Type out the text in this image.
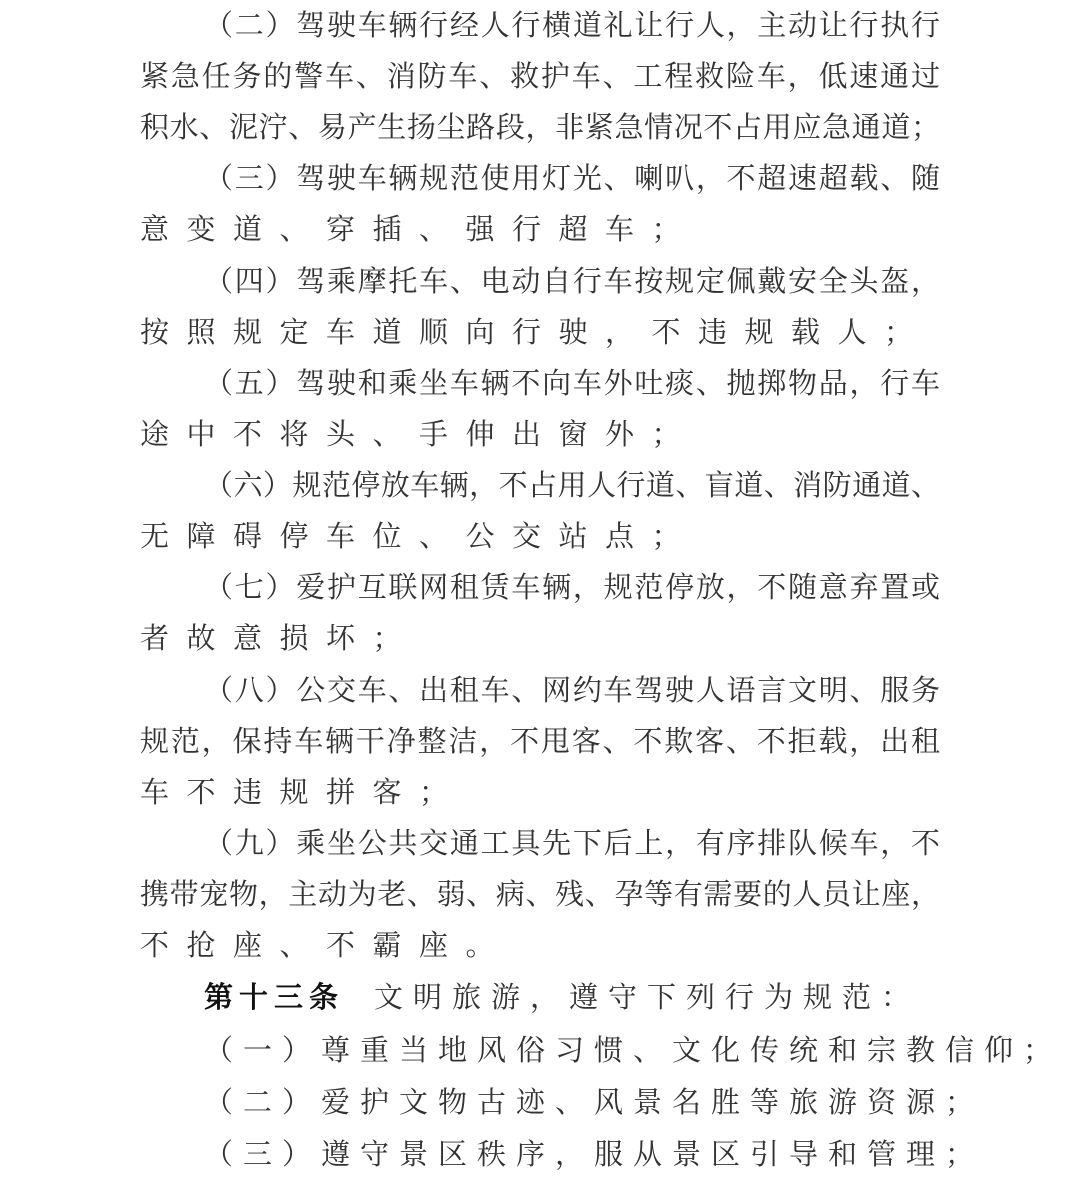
（二）驾驶车辆行经人行横道礼让行人，主动让行执行
紧急任务的警车、消防车、救护车、工程救险车，低速通过
积水、泥泞、易产生扬尘路段，非紧急情况不占用应急通道；
（三）驾驶车辆规范使用灯光、喇叭，不超速超载、随
意变道、穿插、强行超车；
（四）驾乘摩托车、电动自行车按规定佩戴安全头盔，
按照规定车道顺向行驶，不违规载人；
（五）驾驶和乘坐车辆不向车外吐痰、抛掷物品，行车
途中不将头、手伸出窗外；
（六）规范停放车辆，不占用人行道、盲道、消防通道、
无障碍停车位、公交站点；
（七）爱护互联网租赁车辆，规范停放，不随意弃置或
者故意损坏；
（八）公交车、出租车、网约车驾驶人语言文明、服务
规范，保持车辆干净整洁，不甩客、不欺客、不拒载，出租
车不违规拼客；
（九）乘坐公共交通工具先下后上，有序排队候车，不
携带宠物，主动为老、弱、病、残、孕等有需要的人员让座，
不抢座、不霸座。
第十三条 文明旅游，遵守下列行为规范：
（一）尊重当地风俗习惯、文化传统和宗教信仰；
（二）爱护文物古迹、风景名胜等旅游资源；
（三）遵守景区秩序，服从景区引导和管理；
